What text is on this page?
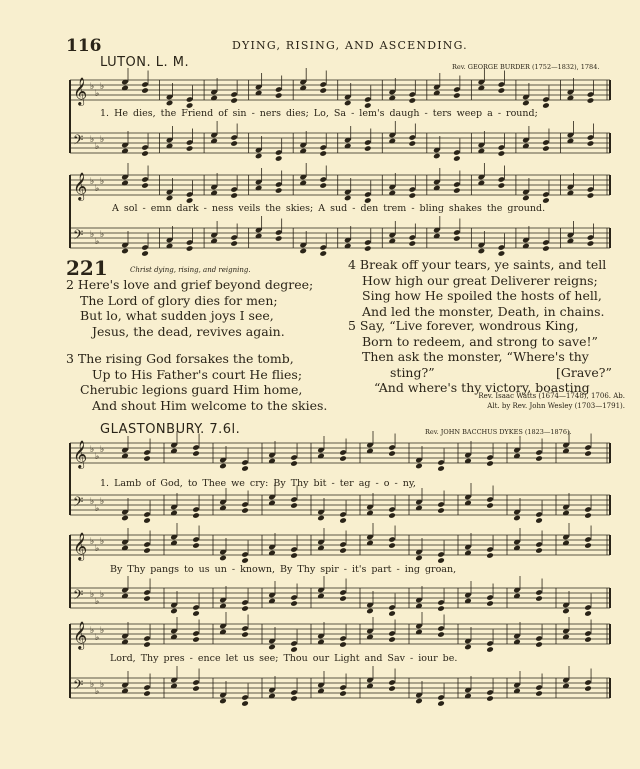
116	DYING, RISING, AND ASCENDING.
𝄞 ♭
♭
♭
𝄢 ♭
♭
♭
𝄞 ♭
♭
♭
𝄢 ♭
♭
♭
𝄞 ♭
♭
♭
𝄢 ♭
♭
♭
𝄞 ♭
♭
♭
𝄢 ♭
♭
♭
𝄞 ♭
♭
♭
𝄢 ♭
♭
♭
LUTON. L. M.	Rev. GEORGE BURDER (1752—1832), 1784.
1. He dies, the Friend of sin - ners dies; Lo, Sa - lem's daugh - ters weep a - round;
A sol - emn dark - ness veils the skies; A sud - den trem - bling shakes the ground.
221	Christ dying, rising, and reigning.
2 Here's love and grief beyond degree;
The Lord of glory dies for men;
But lo, what sudden joys I see,
Jesus, the dead, revives again.
3 The rising God forsakes the tomb,
Up to His Father's court He flies;
Cherubic legions guard Him home,
And shout Him welcome to the skies.
4 Break off your tears, ye saints, and tell
How high our great Deliverer reigns;
Sing how He spoiled the hosts of hell,
And led the monster, Death, in chains.
5 Say, “Live forever, wondrous King,
Born to redeem, and strong to save!”
Then ask the monster, “Where's thy
sting?”	[Grave?”
“And where's thy victory, boasting
Rev. Isaac Watts (1674—1748), 1706. Ab.
Alt. by Rev. John Wesley (1703—1791).
GLASTONBURY. 7.6l.	Rev. JOHN BACCHUS DYKES (1823—1876).
1. Lamb of God, to Thee we cry: By Thy bit - ter ag - o - ny,
By Thy pangs to us un - known, By Thy spir - it's part - ing groan,
Lord, Thy pres - ence let us see; Thou our Light and Sav - iour be.
